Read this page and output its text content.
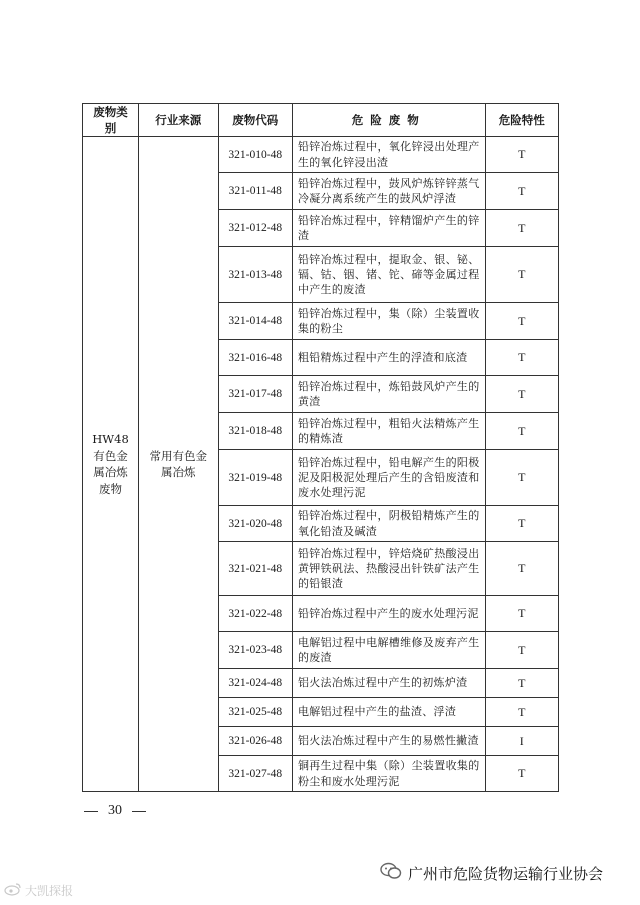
废物类别	行业来源	废物代码	危险废物	危险特性
HW48 有色金属冶炼废物	常用有色金属冶炼	321-010-48	铅锌冶炼过程中，氧化锌浸出处理产生的氧化锌浸出渣	T
		321-011-48	铅锌冶炼过程中，鼓风炉炼锌锌蒸气冷凝分离系统产生的鼓风炉浮渣	T
		321-012-48	铅锌冶炼过程中，锌精馏炉产生的锌渣	T
		321-013-48	铅锌冶炼过程中，提取金、银、铋、镉、钴、铟、锗、铊、碲等金属过程中产生的废渣	T
		321-014-48	铅锌冶炼过程中，集（除）尘装置收集的粉尘	T
		321-016-48	粗铅精炼过程中产生的浮渣和底渣	T
		321-017-48	铅锌冶炼过程中，炼铅鼓风炉产生的黄渣	T
		321-018-48	铅锌冶炼过程中，粗铅火法精炼产生的精炼渣	T
		321-019-48	铅锌冶炼过程中，铅电解产生的阳极泥及阳极泥处理后产生的含铅废渣和废水处理污泥	T
		321-020-48	铅锌冶炼过程中，阴极铅精炼产生的氧化铅渣及碱渣	T
		321-021-48	铅锌冶炼过程中，锌焙烧矿热酸浸出黄钾铁矾法、热酸浸出针铁矿法产生的铅银渣	T
		321-022-48	铅锌冶炼过程中产生的废水处理污泥	T
		321-023-48	电解铝过程中电解槽维修及废弃产生的废渣	T
		321-024-48	铝火法冶炼过程中产生的初炼炉渣	T
		321-025-48	电解铝过程中产生的盐渣、浮渣	T
		321-026-48	铝火法冶炼过程中产生的易燃性撇渣	I
		321-027-48	铜再生过程中集（除）尘装置收集的粉尘和废水处理污泥	T
30
大凯探报
广州市危险货物运输行业协会
